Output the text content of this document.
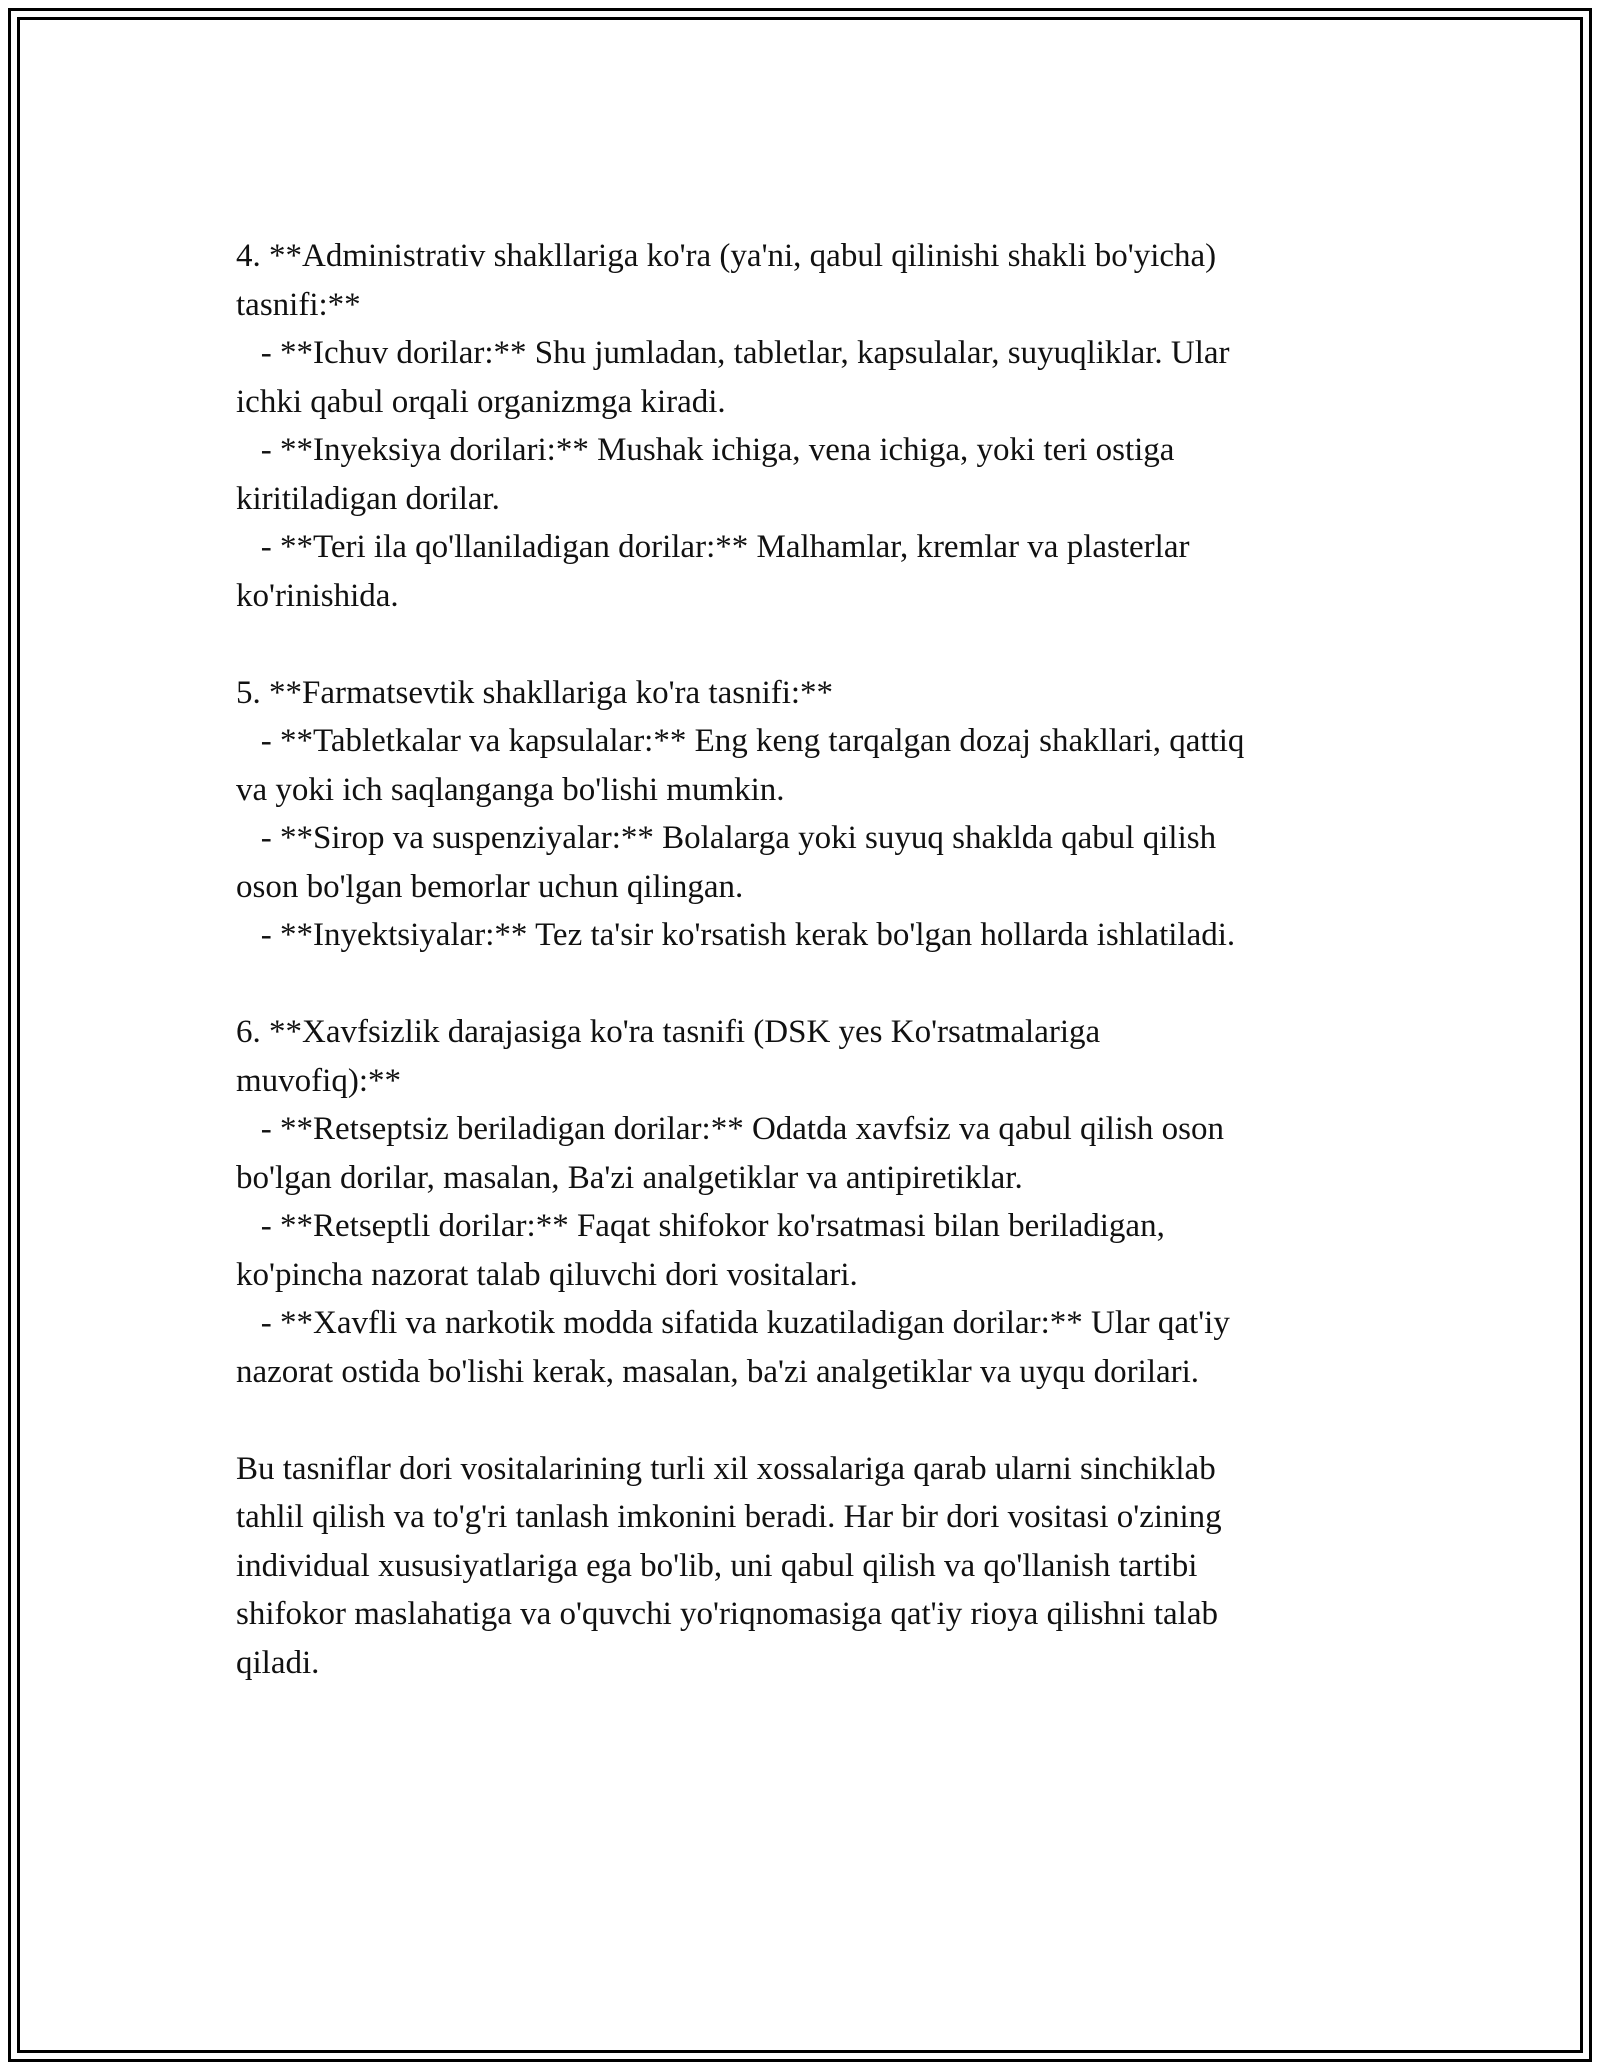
4. **Administrativ shakllariga ko'ra (ya'ni, qabul qilinishi shakli bo'yicha)
tasnifi:**
- **Ichuv dorilar:** Shu jumladan, tabletlar, kapsulalar, suyuqliklar. Ular
ichki qabul orqali organizmga kiradi.
- **Inyeksiya dorilari:** Mushak ichiga, vena ichiga, yoki teri ostiga
kiritiladigan dorilar.
- **Teri ila qo'llaniladigan dorilar:** Malhamlar, kremlar va plasterlar
ko'rinishida.
5. **Farmatsevtik shakllariga ko'ra tasnifi:**
- **Tabletkalar va kapsulalar:** Eng keng tarqalgan dozaj shakllari, qattiq
va yoki ich saqlanganga bo'lishi mumkin.
- **Sirop va suspenziyalar:** Bolalarga yoki suyuq shaklda qabul qilish
oson bo'lgan bemorlar uchun qilingan.
- **Inyektsiyalar:** Tez ta'sir ko'rsatish kerak bo'lgan hollarda ishlatiladi.
6. **Xavfsizlik darajasiga ko'ra tasnifi (DSK yes Ko'rsatmalariga
muvofiq):**
- **Retseptsiz beriladigan dorilar:** Odatda xavfsiz va qabul qilish oson
bo'lgan dorilar, masalan, Ba'zi analgetiklar va antipiretiklar.
- **Retseptli dorilar:** Faqat shifokor ko'rsatmasi bilan beriladigan,
ko'pincha nazorat talab qiluvchi dori vositalari.
- **Xavfli va narkotik modda sifatida kuzatiladigan dorilar:** Ular qat'iy
nazorat ostida bo'lishi kerak, masalan, ba'zi analgetiklar va uyqu dorilari.
Bu tasniflar dori vositalarining turli xil xossalariga qarab ularni sinchiklab
tahlil qilish va to'g'ri tanlash imkonini beradi. Har bir dori vositasi o'zining
individual xususiyatlariga ega bo'lib, uni qabul qilish va qo'llanish tartibi
shifokor maslahatiga va o'quvchi yo'riqnomasiga qat'iy rioya qilishni talab
qiladi.
